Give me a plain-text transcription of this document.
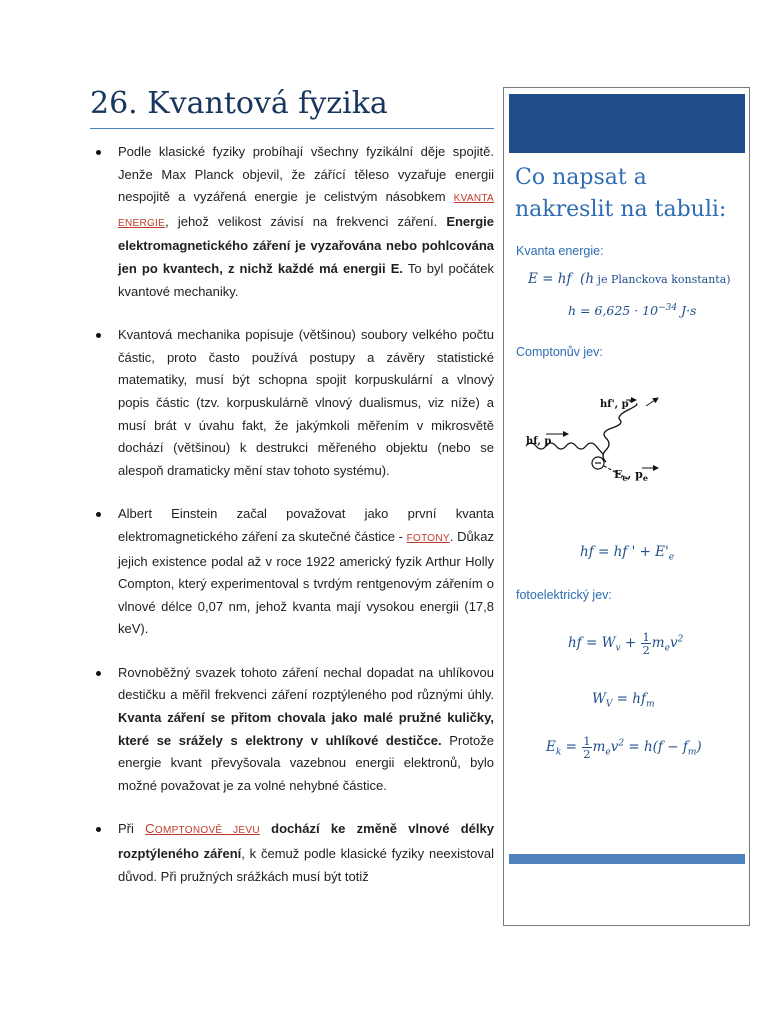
26. Kvantová fyzika
Podle klasické fyziky probíhají všechny fyzikální děje spojitě. Jenže Max Planck objevil, že zářící těleso vyzařuje energii nespojitě a vyzářená energie je celistvým násobkem KVANTA ENERGIE, jehož velikost závisí na frekvenci záření. Energie elektromagnetického záření je vyzařována nebo pohlcována jen po kvantech, z nichž každé má energii E. To byl počátek kvantové mechaniky.
Kvantová mechanika popisuje (většinou) soubory velkého počtu částic, proto často používá postupy a závěry statistické matematiky, musí být schopna spojit korpuskulární a vlnový popis částic (tzv. korpuskulárně vlnový dualismus, viz níže) a musí brát v úvahu fakt, že jakýmkoli měřením v mikrosvětě dochází (většinou) k destrukci měřeného objektu (nebo se alespoň dramaticky mění stav tohoto systému).
Albert Einstein začal považovat jako první kvanta elektromagnetického záření za skutečné částice - FOTONY. Důkaz jejich existence podal až v roce 1922 americký fyzik Arthur Holly Compton, který experimentoval s tvrdým rentgenovým zářením o vlnové délce 0,07 nm, jehož kvanta mají vysokou energii (17,8 keV).
Rovnoběžný svazek tohoto záření nechal dopadat na uhlíkovou destičku a měřil frekvenci záření rozptýleného pod různými úhly. Kvanta záření se přitom chovala jako malé pružné kuličky, které se srážely s elektrony v uhlíkové destičce. Protože energie kvant převyšovala vazebnou energii elektronů, bylo možné považovat je za volné nehybné částice.
Při COMPTONOVĚ JEVU dochází ke změně vlnové délky rozptýleného záření, k čemuž podle klasické fyziky neexistoval důvod. Při pružných srážkách musí být totiž
Co napsat a nakreslit na tabuli:
Kvanta energie:
E = hf (h je Planckova konstanta)
$h = 6,625 \cdot 10^{-34}$ J·s
Comptonův jev:
hf, p
hf', p'
$E_e$, $p_e$
hf = hf ' + $E'_e$
fotoelektrický jev:
hf = $W_v + \frac{1}{2} m_ev^2$
$W_V = hf_m$
$E_k = \frac{1}{2} m_ev^2 = h(f - f_m)$
